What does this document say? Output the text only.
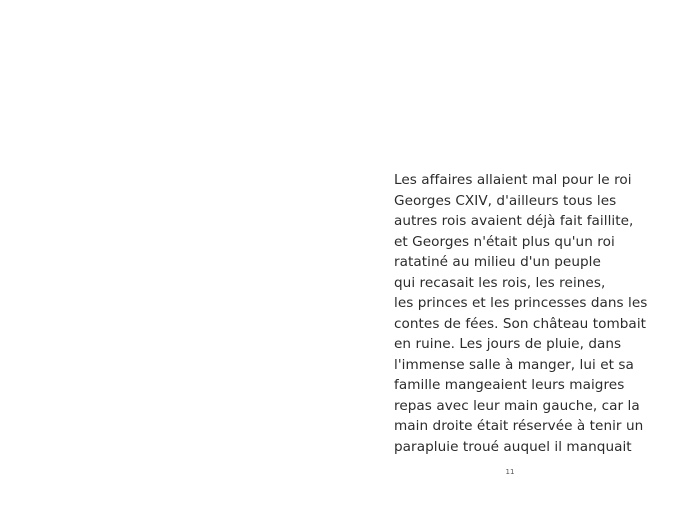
Les affaires allaient mal pour le roi
Georges CXIV, d'ailleurs tous les
autres rois avaient déjà fait faillite,
et Georges n'était plus qu'un roi
ratatiné au milieu d'un peuple
qui recasait les rois, les reines,
les princes et les princesses dans les
contes de fées. Son château tombait
en ruine. Les jours de pluie, dans
l'immense salle à manger, lui et sa
famille mangeaient leurs maigres
repas avec leur main gauche, car la
main droite était réservée à tenir un
parapluie troué auquel il manquait
11
